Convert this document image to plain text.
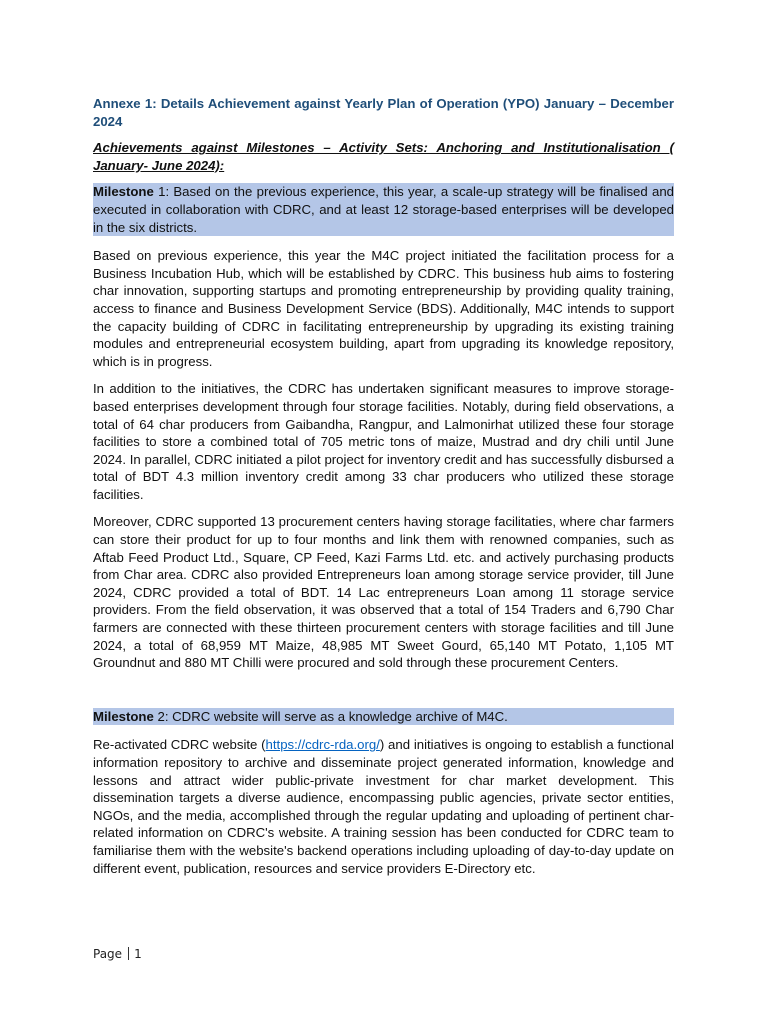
Annexe 1: Details Achievement against Yearly Plan of Operation (YPO) January – December 2024

Achievements against Milestones – Activity Sets: Anchoring and Institutionalisation ( January- June 2024):

Milestone 1: Based on the previous experience, this year, a scale-up strategy will be finalised and executed in collaboration with CDRC, and at least 12 storage-based enterprises will be developed in the six districts.

Based on previous experience, this year the M4C project initiated the facilitation process for a Business Incubation Hub, which will be established by CDRC. This business hub aims to fostering char innovation, supporting startups and promoting entrepreneurship by providing quality training, access to finance and Business Development Service (BDS). Additionally, M4C intends to support the capacity building of CDRC in facilitating entrepreneurship by upgrading its existing training modules and entrepreneurial ecosystem building, apart from upgrading its knowledge repository, which is in progress.

In addition to the initiatives, the CDRC has undertaken significant measures to improve storage-based enterprises development through four storage facilities. Notably, during field observations, a total of 64 char producers from Gaibandha, Rangpur, and Lalmonirhat utilized these four storage facilities to store a combined total of 705 metric tons of maize, Mustrad and dry chili until June 2024. In parallel, CDRC initiated a pilot project for inventory credit and has successfully disbursed a total of BDT 4.3 million inventory credit among 33 char producers who utilized these storage facilities.

Moreover, CDRC supported 13 procurement centers having storage facilitaties, where char farmers can store their product for up to four months and link them with renowned companies, such as Aftab Feed Product Ltd., Square, CP Feed, Kazi Farms Ltd. etc. and actively purchasing products from Char area. CDRC also provided Entrepreneurs loan among storage service provider, till June 2024, CDRC provided a total of BDT. 14 Lac entrepreneurs Loan among 11 storage service providers. From the field observation, it was observed that a total of 154 Traders and 6,790 Char farmers are connected with these thirteen procurement centers with storage facilities and till June 2024, a total of 68,959 MT Maize, 48,985 MT Sweet Gourd, 65,140 MT Potato, 1,105 MT Groundnut and 880 MT Chilli were procured and sold through these procurement Centers.

Milestone 2: CDRC website will serve as a knowledge archive of M4C.

Re-activated CDRC website (https://cdrc-rda.org/) and initiatives is ongoing to establish a functional information repository to archive and disseminate project generated information, knowledge and lessons and attract wider public-private investment for char market development. This dissemination targets a diverse audience, encompassing public agencies, private sector entities, NGOs, and the media, accomplished through the regular updating and uploading of pertinent char-related information on CDRC's website. A training session has been conducted for CDRC team to familiarise them with the website's backend operations including uploading of day-to-day update on different event, publication, resources and service providers E-Directory etc.

Page 1
